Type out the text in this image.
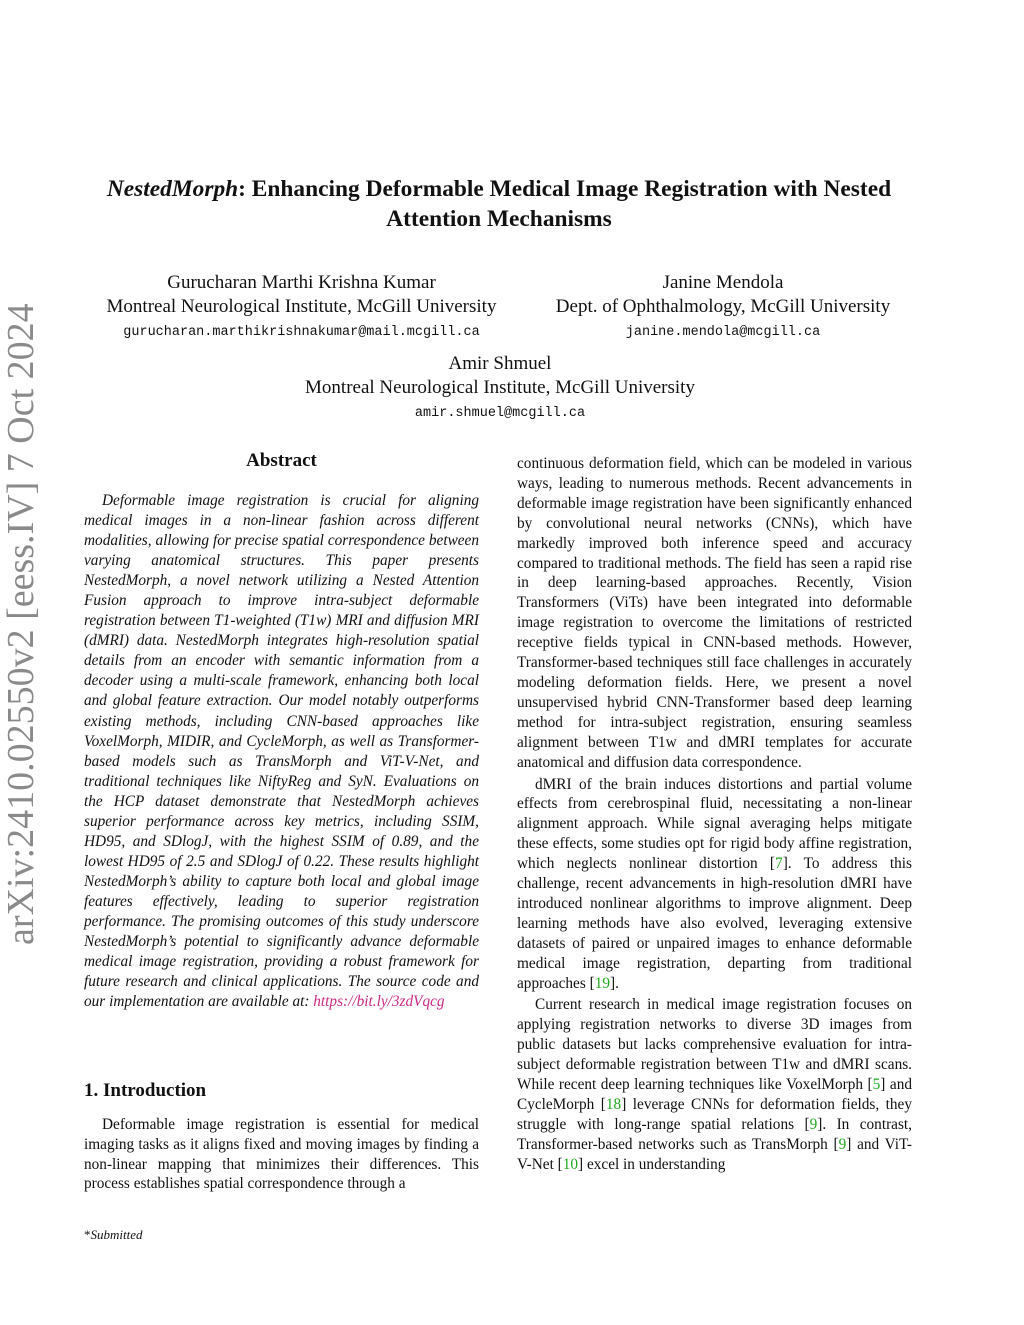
arXiv:2410.02550v2 [eess.IV] 7 Oct 2024
NestedMorph: Enhancing Deformable Medical Image Registration with Nested
Attention Mechanisms
Gurucharan Marthi Krishna Kumar
Montreal Neurological Institute, McGill University
gurucharan.marthikrishnakumar@mail.mcgill.ca
Janine Mendola
Dept. of Ophthalmology, McGill University
janine.mendola@mcgill.ca
Amir Shmuel
Montreal Neurological Institute, McGill University
amir.shmuel@mcgill.ca
Abstract
Deformable image registration is crucial for aligning medical images in a non-linear fashion across different modalities, allowing for precise spatial correspondence between varying anatomical structures. This paper presents NestedMorph, a novel network utilizing a Nested Attention Fusion approach to improve intra-subject deformable registration between T1-weighted (T1w) MRI and diffusion MRI (dMRI) data. NestedMorph integrates high-resolution spatial details from an encoder with semantic information from a decoder using a multi-scale framework, enhancing both local and global feature extraction. Our model notably outperforms existing methods, including CNN-based approaches like VoxelMorph, MIDIR, and CycleMorph, as well as Transformer-based models such as TransMorph and ViT-V-Net, and traditional techniques like NiftyReg and SyN. Evaluations on the HCP dataset demonstrate that NestedMorph achieves superior performance across key metrics, including SSIM, HD95, and SDlogJ, with the highest SSIM of 0.89, and the lowest HD95 of 2.5 and SDlogJ of 0.22. These results highlight NestedMorph’s ability to capture both local and global image features effectively, leading to superior registration performance. The promising outcomes of this study underscore NestedMorph’s potential to significantly advance deformable medical image registration, providing a robust framework for future research and clinical applications. The source code and our implementation are available at: https://bit.ly/3zdVqcg
1. Introduction
Deformable image registration is essential for medical imaging tasks as it aligns fixed and moving images by finding a non-linear mapping that minimizes their differences. This process establishes spatial correspondence through a
*Submitted

continuous deformation field, which can be modeled in various ways, leading to numerous methods. Recent advancements in deformable image registration have been significantly enhanced by convolutional neural networks (CNNs), which have markedly improved both inference speed and accuracy compared to traditional methods. The field has seen a rapid rise in deep learning-based approaches. Recently, Vision Transformers (ViTs) have been integrated into deformable image registration to overcome the limitations of restricted receptive fields typical in CNN-based methods. However, Transformer-based techniques still face challenges in accurately modeling deformation fields. Here, we present a novel unsupervised hybrid CNN-Transformer based deep learning method for intra-subject registration, ensuring seamless alignment between T1w and dMRI templates for accurate anatomical and diffusion data correspondence.

dMRI of the brain induces distortions and partial volume effects from cerebrospinal fluid, necessitating a non-linear alignment approach. While signal averaging helps mitigate these effects, some studies opt for rigid body affine registration, which neglects nonlinear distortion [7]. To address this challenge, recent advancements in high-resolution dMRI have introduced nonlinear algorithms to improve alignment. Deep learning methods have also evolved, leveraging extensive datasets of paired or unpaired images to enhance deformable medical image registration, departing from traditional approaches [19].

Current research in medical image registration focuses on applying registration networks to diverse 3D images from public datasets but lacks comprehensive evaluation for intra-subject deformable registration between T1w and dMRI scans. While recent deep learning techniques like VoxelMorph [5] and CycleMorph [18] leverage CNNs for deformation fields, they struggle with long-range spatial relations [9]. In contrast, Transformer-based networks such as TransMorph [9] and ViT-V-Net [10] excel in understanding
